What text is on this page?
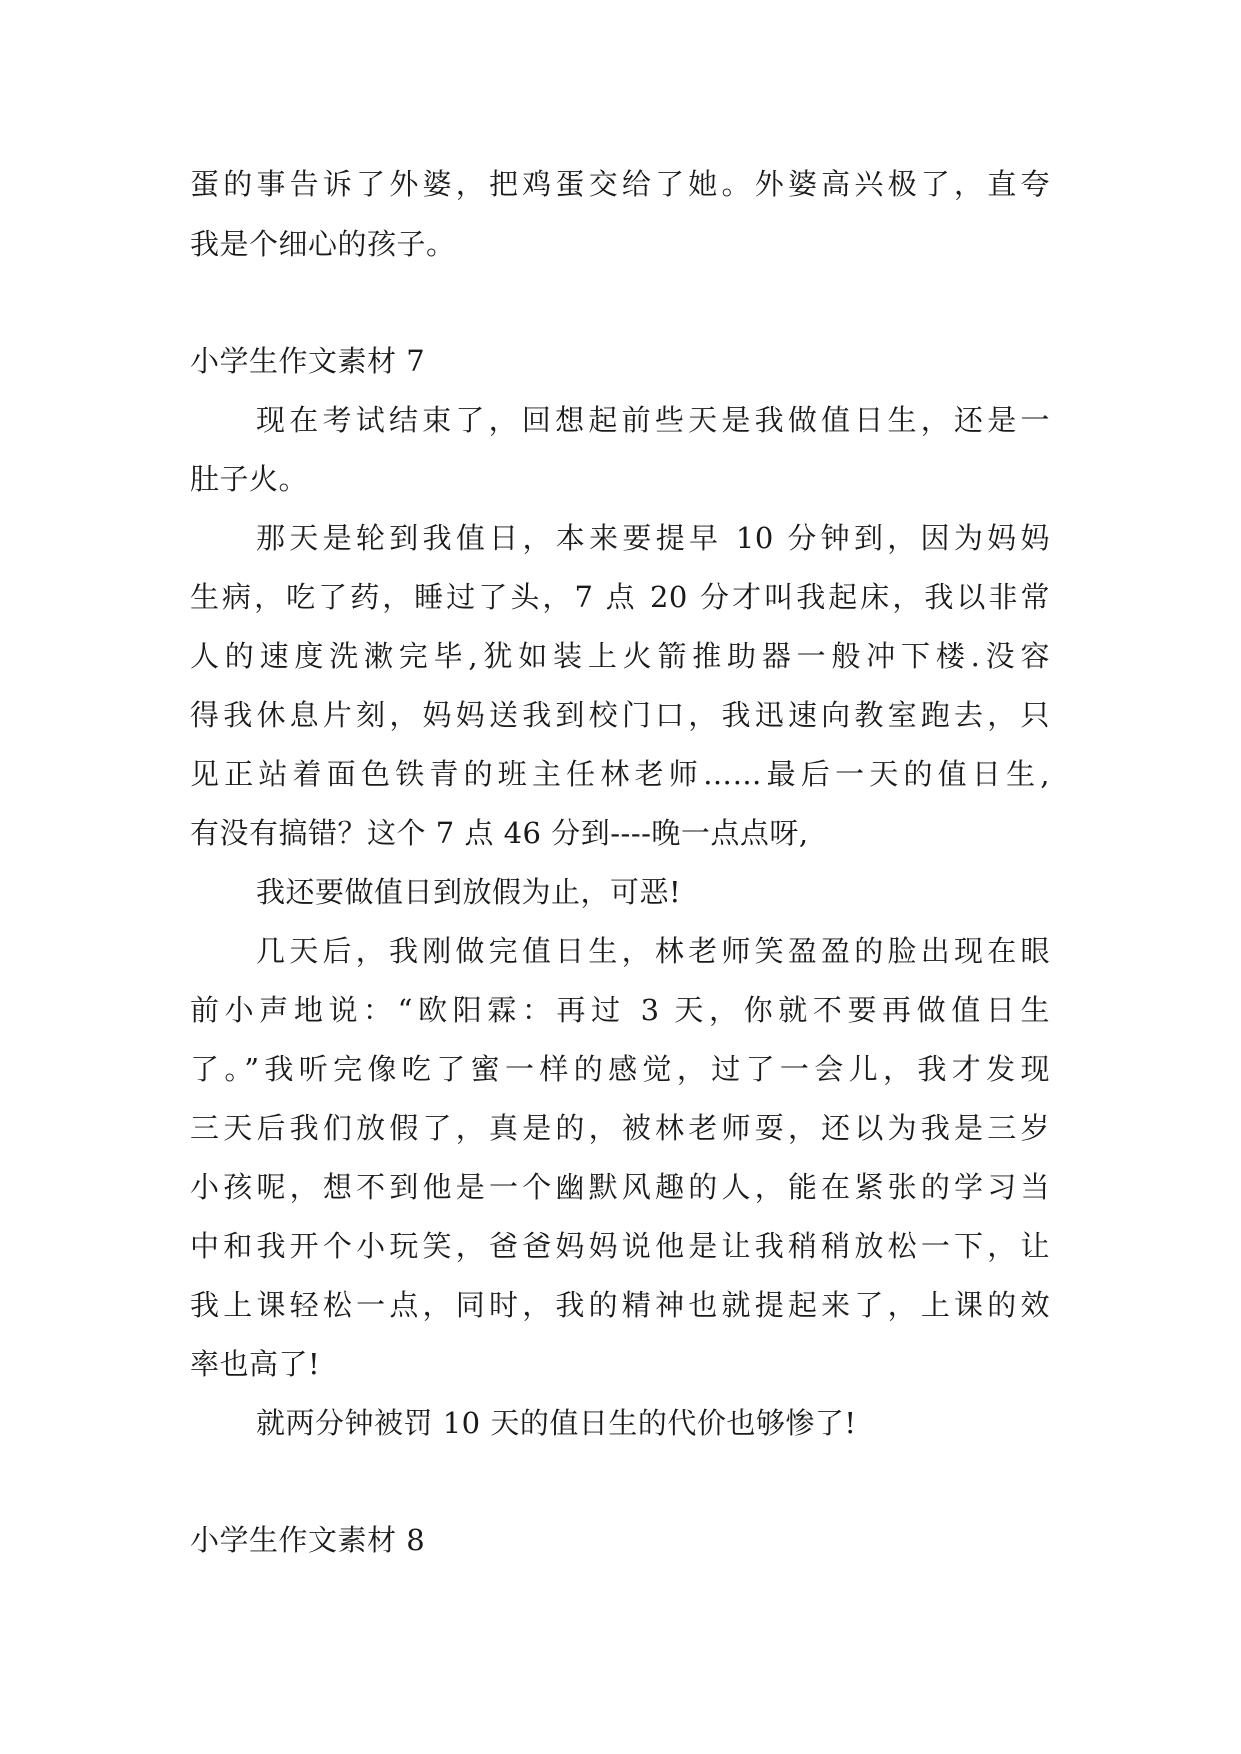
蛋的事告诉了外婆，把鸡蛋交给了她。外婆高兴极了，直夸
我是个细心的孩子。
小学生作文素材 7
现在考试结束了，回想起前些天是我做值日生，还是一
肚子火。
那天是轮到我值日，本来要提早 10 分钟到，因为妈妈
生病，吃了药，睡过了头，7 点 20 分才叫我起床，我以非常
人的速度洗漱完毕,犹如装上火箭推助器一般冲下楼.没容
得我休息片刻，妈妈送我到校门口，我迅速向教室跑去，只
见正站着面色铁青的班主任林老师……最后一天的值日生,
有没有搞错？这个 7 点 46 分到----晚一点点呀,
我还要做值日到放假为止，可恶!
几天后，我刚做完值日生，林老师笑盈盈的脸出现在眼
前小声地说：“欧阳霖：再过 3 天，你就不要再做值日生
了。”我听完像吃了蜜一样的感觉，过了一会儿，我才发现
三天后我们放假了，真是的，被林老师耍，还以为我是三岁
小孩呢，想不到他是一个幽默风趣的人，能在紧张的学习当
中和我开个小玩笑，爸爸妈妈说他是让我稍稍放松一下，让
我上课轻松一点，同时，我的精神也就提起来了，上课的效
率也高了!
就两分钟被罚 10 天的值日生的代价也够惨了!
小学生作文素材 8
